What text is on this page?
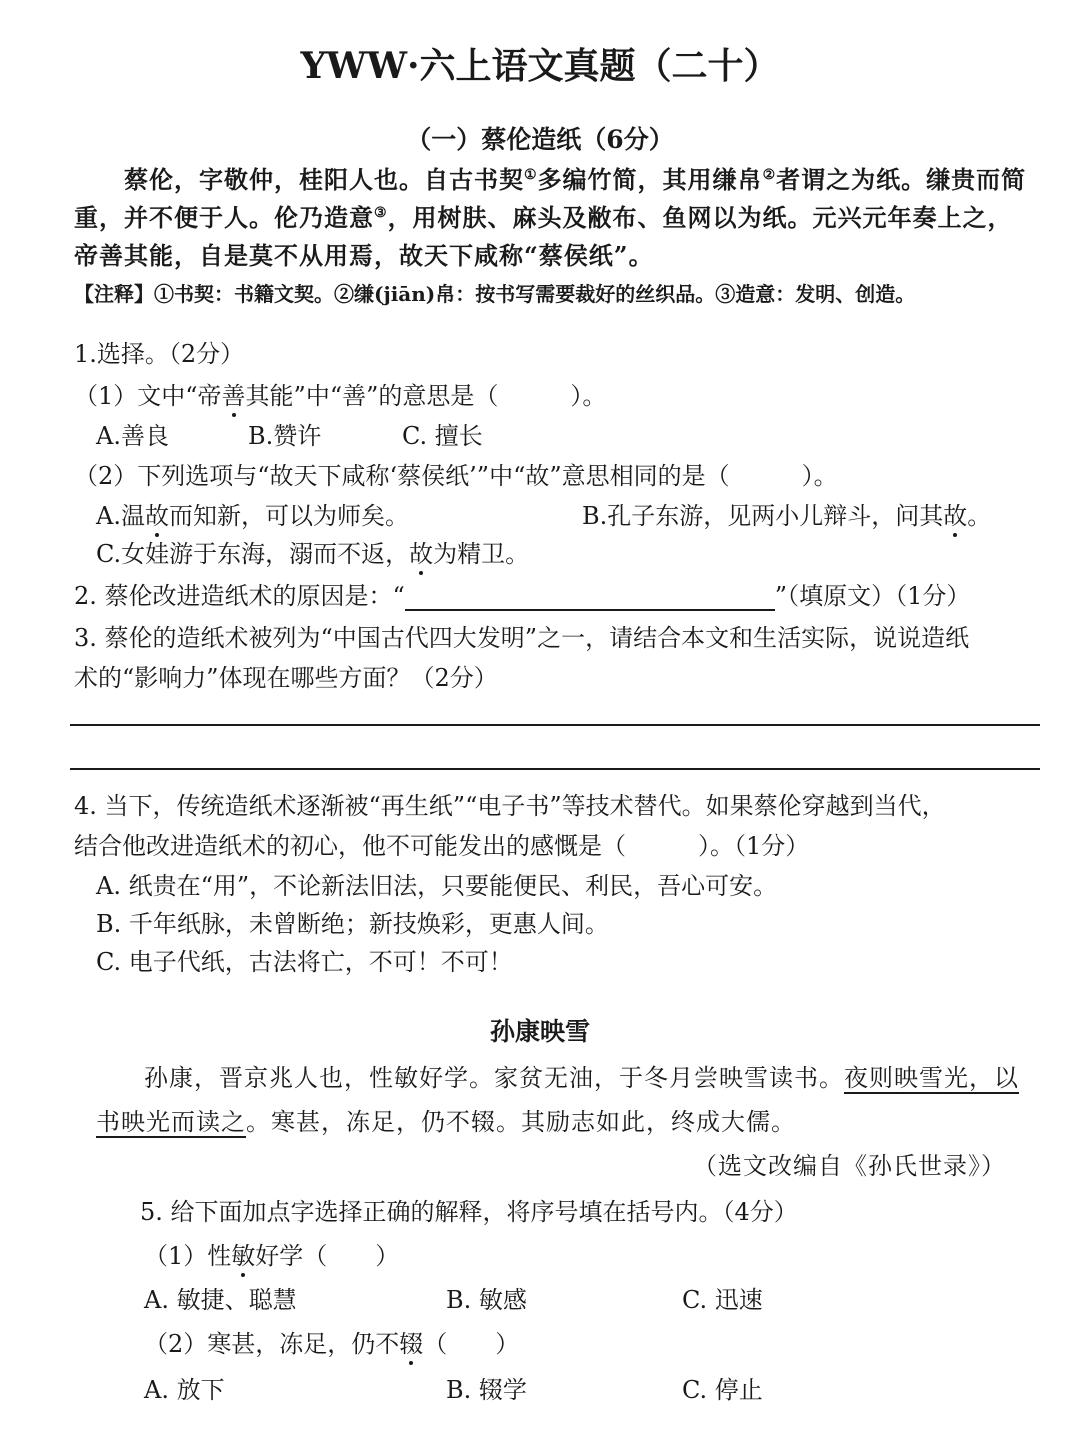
YWW·六上语文真题（二十）
（一）蔡伦造纸（6分）
蔡伦，字敬仲，桂阳人也。自古书契①多编竹简，其用缣帛②者谓之为纸。缣贵而简
重，并不便于人。伦乃造意③，用树肤、麻头及敝布、鱼网以为纸。元兴元年奏上之，
帝善其能，自是莫不从用焉，故天下咸称“蔡侯纸”。
【注释】①书契：书籍文契。②缣(jiān)帛：按书写需要裁好的丝织品。③造意：发明、创造。
1.选择。（2分）
（1）文中“帝善其能”中“善”的意思是（　　　）。
A.善良	B.赞许	C. 擅长
（2）下列选项与“故天下咸称‘蔡侯纸’”中“故”意思相同的是（　　　）。
A.温故而知新，可以为师矣。	B.孔子东游，见两小儿辩斗，问其故。
C.女娃游于东海，溺而不返，故为精卫。
2. 蔡伦改进造纸术的原因是：“	”（填原文）（1分）
3. 蔡伦的造纸术被列为“中国古代四大发明”之一，请结合本文和生活实际，说说造纸
术的“影响力”体现在哪些方面？（2分）
4. 当下，传统造纸术逐渐被“再生纸”“电子书”等技术替代。如果蔡伦穿越到当代，
结合他改进造纸术的初心，他不可能发出的感慨是（　　　）。（1分）
A. 纸贵在“用”，不论新法旧法，只要能便民、利民，吾心可安。
B. 千年纸脉，未曾断绝；新技焕彩，更惠人间。
C. 电子代纸，古法将亡，不可！不可！
孙康映雪
孙康，晋京兆人也，性敏好学。家贫无油，于冬月尝映雪读书。夜则映雪光，以
书映光而读之。寒甚，冻足，仍不辍。其励志如此，终成大儒。
（选文改编自《孙氏世录》）
5. 给下面加点字选择正确的解释，将序号填在括号内。（4分）
（1）性敏好学（　　）
A. 敏捷、聪慧	B. 敏感	C. 迅速
（2）寒甚，冻足，仍不辍（　　）
A. 放下	B. 辍学	C. 停止
